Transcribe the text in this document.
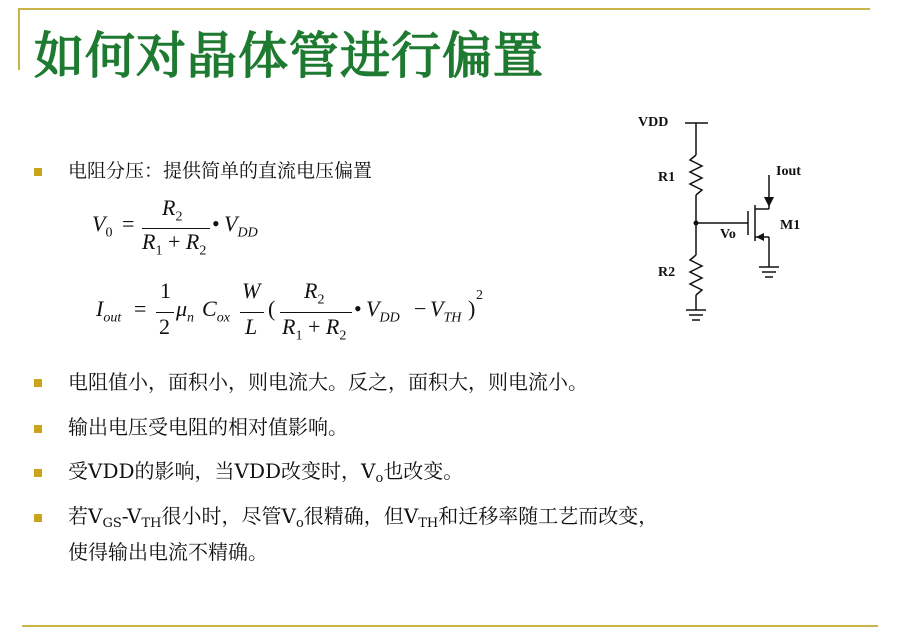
如何对晶体管进行偏置
电阻分压：提供简单的直流电压偏置
$V_0$ =
$R_2$
$R_1 + R_2$
• $V_{DD}$
$I_{out}$ =
1
2
$\mu_n$ $C_{ox}$
W
L
(
$R_2$
$R_1 + R_2$
• $V_{DD} - V_{TH}$ )
2
电阻值小，面积小，则电流大。反之，面积大，则电流小。
输出电压受电阻的相对值影响。
受VDD的影响，当VDD改变时，$V_o$也改变。
若$V_{GS}-V_{TH}$很小时，尽管$V_o$很精确，但$V_{TH}$和迁移率随工艺而改变，
使得输出电流不精确。
VDD
R1
R2
Vo
Iout
M1
